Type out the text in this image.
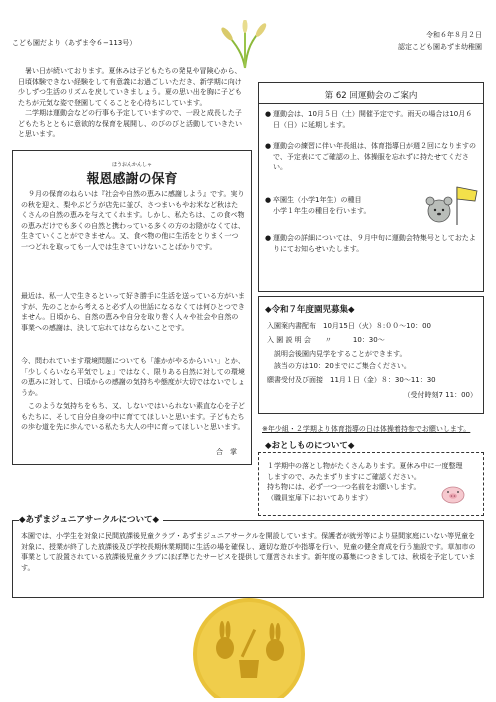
こども園だより（あずま令６−113号）
令和６年８月２日
認定こども園あずま幼稚園

　暑い日が続いております。夏休みは子どもたちの発見や冒険心から、日頃体験できない経験をして有意義にお過ごしいただき、新学期に向け少しずつ生活のリズムを戻していきましょう。夏の思い出を胸に子どもたちが元気な姿で登園してくることを心待ちにしています。
　二学期は運動会などの行事も予定していますので、一段と成長した子どもたちとともに意欲的な保育を展開し、のびのびと活動していきたいと思います。

ほうおんかんしゃ
報恩感謝の保育

　９月の保育のねらいは『社会や自然の恵みに感謝しよう』です。実りの秋を迎え、梨やぶどうが店先に並び、さつまいもやお米など秋はたくさんの自然の恵みを与えてくれます。しかし、私たちは、この食べ物の恵みだけでも多くの自然と携わっている多くの方のお陰がなくては、生きていくことができません。又、食べ物の他に生活をとりまく一つ一つどれを取っても一人では生きていけないことばかりです。

最近は、私一人で生きるといって好き勝手に生活を送っている方がいますが、先のことから考えると必ず人の世話になるなくては何ひとつできません。日頃から、自然の恵みや自分を取り巻く人々や社会や自然の事業への感謝は、決して忘れてはならないことです。

今、問われています環境問題についても「誰かがやるからいい」とか、「少しくらいなら平気でしょ」ではなく、限りある自然に対しての環境の恵みに対して、日頃からの感謝の気持ちや態度が大切ではないでしょうか。

　このような気持ちをもち、又、しないではいられない素直な心を子どもたちに、そして自分自身の中に育ててほしいと思います。子どもたちの歩む道を先に歩んでいる私たち大人の中に育ってほしいと思います。

合　掌
第 62 回運動会のご案内
● 運動会は、10月５日（土）開催予定です。雨天の場合は10月６日（日）に延期します。

● 運動会の練習に伴い年長組は、体育指導日が週２回になりますので、予定表にてご確認の上、体操服を忘れずに持たせてください。

● 卒園生（小学1年生）の種目
小学１年生の種目を行います。

● 運動会の詳細については、９月中旬に運動会特集号としておたよりにてお知らせいたします。

◆令和７年度園児募集◆
入園案内書配布　10月15日（火）８:００〜10：00
入 園 説 明 会　　〃　　　10：30〜
　説明会後園内見学をすることができます。
　該当の方は10：20までにご集合ください。
願書受付及び面接　11月１日（金）８：30〜11：30
（受付時刻7 11：00）

※年少組・２学期より体育指導の日は体操着持参でお願いします。

◆おとしものについて◆

１学期中の落とし物がたくさんあります。夏休み中に一度整理しますので、みたまずりますにご確認ください。
持ち物には、必ず一つ一つ名前をお願いします。
（職員室扉下においてあります）

◆あずまジュニアサークルについて◆

本園では、小学生を対象に民間放課後児童クラブ・あずまジュニアサークルを開設しています。保護者が就労等により昼間家庭にいない等児童を対象に、授業が終了した放課後及び学校長期休業期間に生活の場を確保し、適切な遊びや指導を行い、児童の健全育成を行う施設です。草加市の事業として設置されている放課後児童クラブにほぼ準じたサービスを提供して運営されます。新年度の募集につきましては、秋頃を予定しています。
